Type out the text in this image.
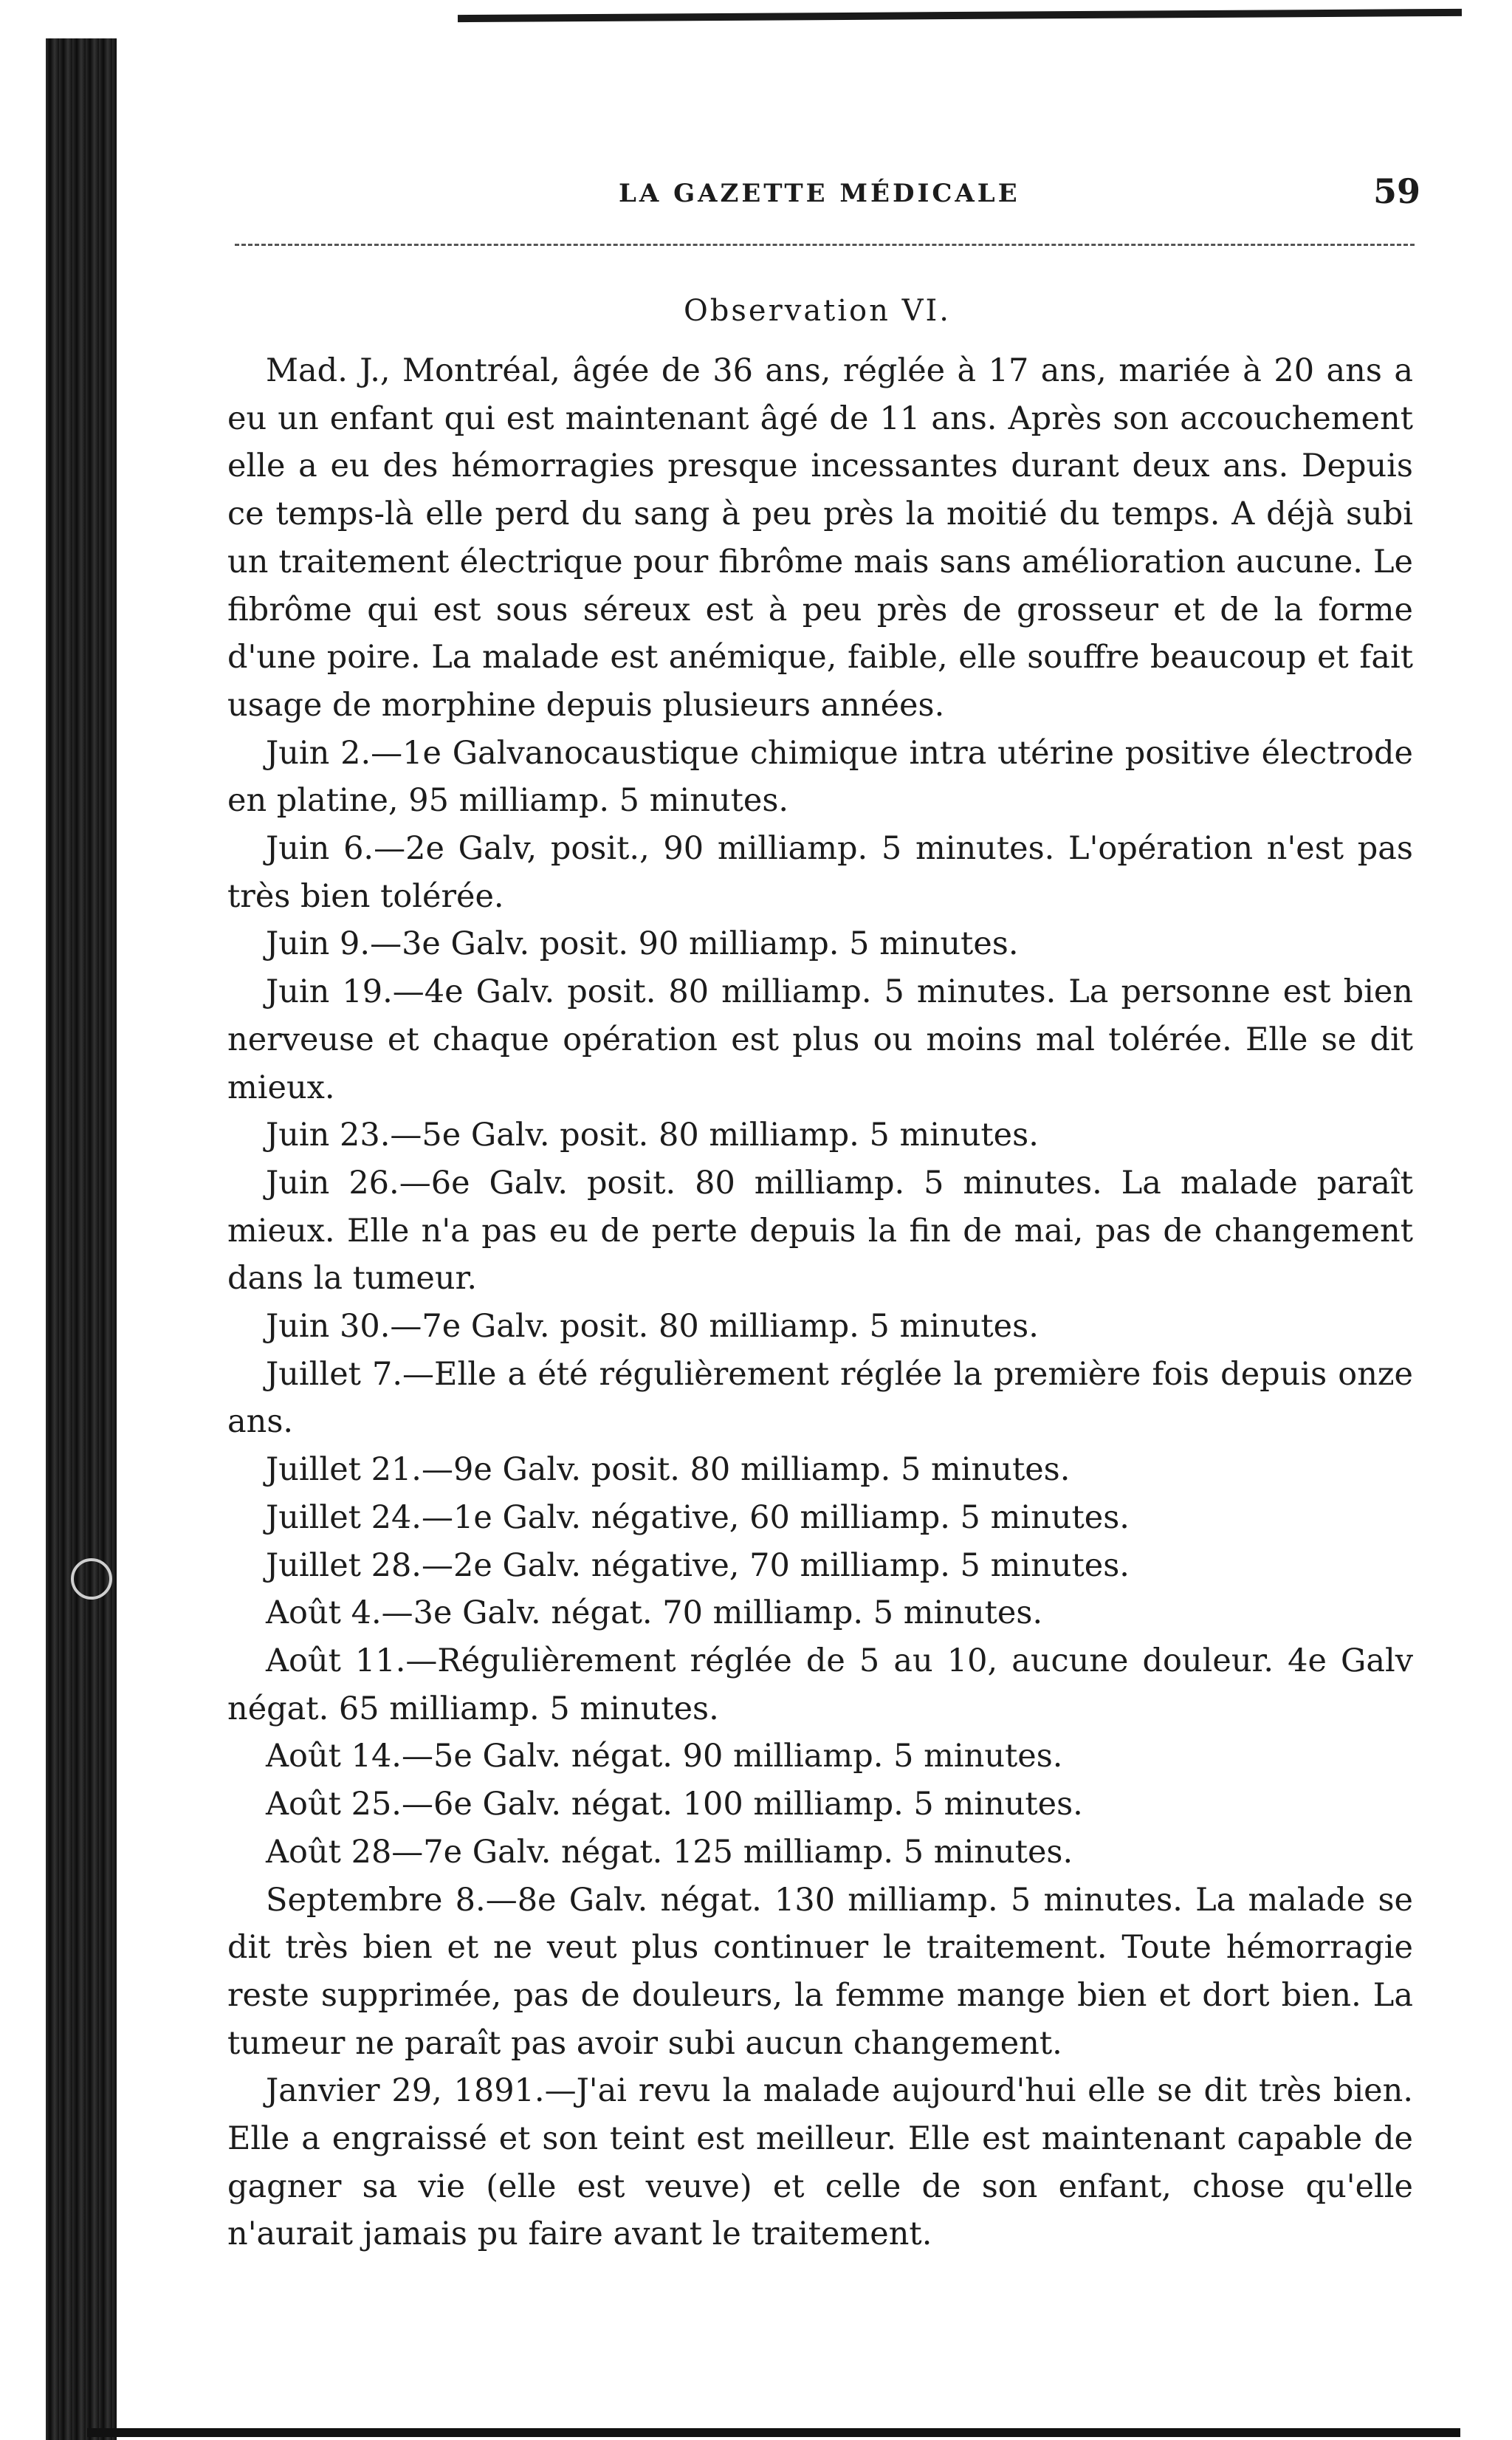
LA GAZETTE MÉDICALE	59
Observation VI.

Mad. J., Montréal, âgée de 36 ans, réglée à 17 ans, mariée à 20 ans a eu un enfant qui est maintenant âgé de 11 ans. Après son accouchement elle a eu des hémorragies presque incessantes durant deux ans. Depuis ce temps-là elle perd du sang à peu près la moitié du temps. A déjà subi un traitement électrique pour fibrôme mais sans amélioration aucune. Le fibrôme qui est sous séreux est à peu près de grosseur et de la forme d'une poire. La malade est anémique, faible, elle souffre beaucoup et fait usage de morphine depuis plusieurs années.

Juin 2.—1e Galvanocaustique chimique intra utérine positive électrode en platine, 95 milliamp. 5 minutes.

Juin 6.—2e Galv, posit., 90 milliamp. 5 minutes. L'opération n'est pas très bien tolérée.

Juin 9.—3e Galv. posit. 90 milliamp. 5 minutes.

Juin 19.—4e Galv. posit. 80 milliamp. 5 minutes. La personne est bien nerveuse et chaque opération est plus ou moins mal tolérée. Elle se dit mieux.

Juin 23.—5e Galv. posit. 80 milliamp. 5 minutes.

Juin 26.—6e Galv. posit. 80 milliamp. 5 minutes. La malade paraît mieux. Elle n'a pas eu de perte depuis la fin de mai, pas de changement dans la tumeur.

Juin 30.—7e Galv. posit. 80 milliamp. 5 minutes.

Juillet 7.—Elle a été régulièrement réglée la première fois depuis onze ans.

Juillet 21.—9e Galv. posit. 80 milliamp. 5 minutes.

Juillet 24.—1e Galv. négative, 60 milliamp. 5 minutes.

Juillet 28.—2e Galv. négative, 70 milliamp. 5 minutes.

Août 4.—3e Galv. négat. 70 milliamp. 5 minutes.

Août 11.—Régulièrement réglée de 5 au 10, aucune douleur. 4e Galv négat. 65 milliamp. 5 minutes.

Août 14.—5e Galv. négat. 90 milliamp. 5 minutes.

Août 25.—6e Galv. négat. 100 milliamp. 5 minutes.

Août 28—7e Galv. négat. 125 milliamp. 5 minutes.

Septembre 8.—8e Galv. négat. 130 milliamp. 5 minutes. La malade se dit très bien et ne veut plus continuer le traitement. Toute hémorragie reste supprimée, pas de douleurs, la femme mange bien et dort bien. La tumeur ne paraît pas avoir subi aucun changement.

Janvier 29, 1891.—J'ai revu la malade aujourd'hui elle se dit très bien. Elle a engraissé et son teint est meilleur. Elle est maintenant capable de gagner sa vie (elle est veuve) et celle de son enfant, chose qu'elle n'aurait jamais pu faire avant le traitement.
